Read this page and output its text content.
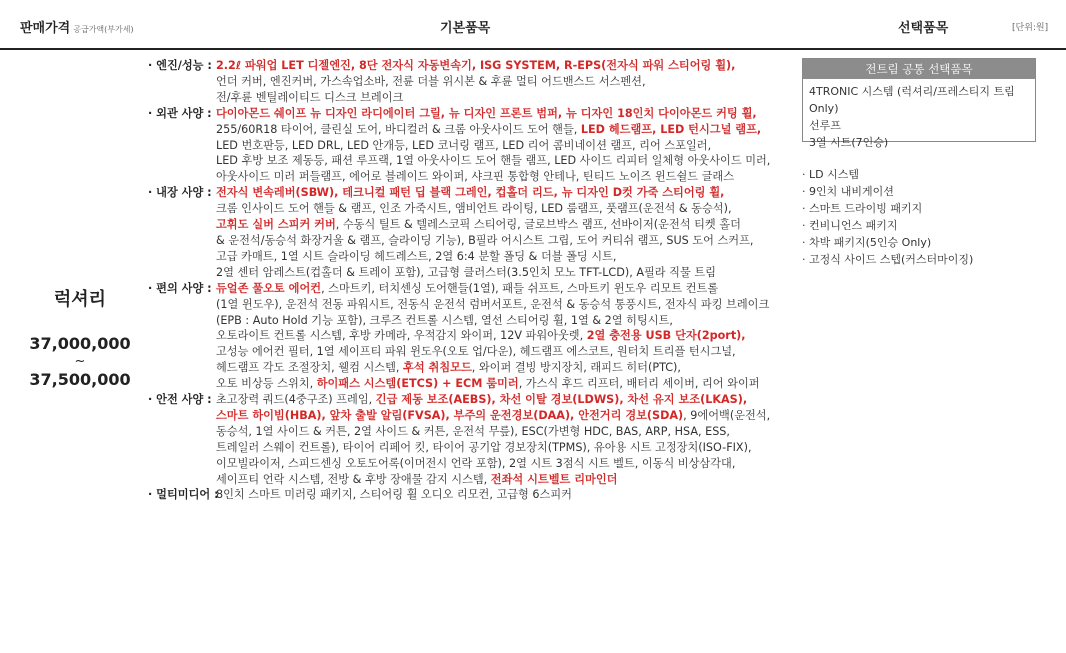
판매가격 공급가액(부가세)	기본품목	선택품목	[단위:원]
럭셔리
37,000,000
~
37,500,000
· 엔진/성능 : 2.2ℓ 파워업 LET 디젤엔진, 8단 전자식 자동변속기, ISG SYSTEM, R-EPS(전자식 파워 스티어링 휠),
언더 커버, 엔진커버, 가스속업소바, 전륜 더블 위시본 & 후륜 멀티 어드밴스드 서스펜션,
전/후륜 벤틸레이티드 디스크 브레이크
· 외관 사양 : 다이아몬드 쉐이프 뉴 디자인 라디에이터 그릴, 뉴 디자인 프론트 범퍼, 뉴 디자인 18인치 다이아몬드 커팅 휠,
255/60R18 타이어, 클린실 도어, 바디컬러 & 크롬 아웃사이드 도어 핸들, LED 헤드램프, LED 턴시그널 램프,
LED 번호판등, LED DRL, LED 안개등, LED 코너링 램프, LED 리어 콤비네이션 램프, 리어 스포일러,
LED 후방 보조 제동등, 패션 루프랙, 1열 아웃사이드 도어 핸들 램프, LED 사이드 리피터 일체형 아웃사이드 미러,
아웃사이드 미러 퍼들램프, 에어로 블레이드 와이퍼, 샤크핀 통합형 안테나, 틴티드 노이즈 윈드쉴드 글래스
· 내장 사양 : 전자식 변속레버(SBW), 테크니컬 패턴 딥 블랙 그레인, 컵홀더 리드, 뉴 디자인 D컷 가죽 스티어링 휠,
크롬 인사이드 도어 핸들 & 램프, 인조 가죽시트, 앰비언트 라이팅, LED 룸램프, 풋램프(운전석 & 동승석),
고휘도 실버 스피커 커버, 수동식 틸트 & 텔레스코픽 스티어링, 글로브박스 램프, 선바이저(운전석 티켓 홀더
& 운전석/동승석 화장거울 & 램프, 슬라이딩 기능), B필라 어시스트 그립, 도어 커티쉬 램프, SUS 도어 스커프,
고급 카매트, 1열 시트 슬라이딩 헤드레스트, 2열 6:4 분할 폴딩 & 더블 폴딩 시트,
2열 센터 암레스트(컵홀더 & 트레이 포함), 고급형 클러스터(3.5인치 모노 TFT-LCD), A필라 직물 트림
· 편의 사양 : 듀얼존 풀오토 에어컨, 스마트키, 터치센싱 도어핸들(1열), 패들 쉬프트, 스마트키 윈도우 리모트 컨트롤
(1열 윈도우), 운전석 전동 파워시트, 전동식 운전석 럼버서포트, 운전석 & 동승석 통풍시트, 전자식 파킹 브레이크
(EPB : Auto Hold 기능 포함), 크루즈 컨트롤 시스템, 열선 스티어링 휠, 1열 & 2열 히팅시트,
오토라이트 컨트롤 시스템, 후방 카메라, 우적감지 와이퍼, 12V 파워아웃렛, 2열 충전용 USB 단자(2port),
고성능 에어컨 필터, 1열 세이프티 파워 윈도우(오토 업/다운), 헤드램프 에스코트, 원터치 트리플 턴시그널,
헤드램프 각도 조절장치, 웰컴 시스템, 후석 취침모드, 와이퍼 결빙 방지장치, 래피드 히터(PTC),
오토 비상등 스위치, 하이패스 시스템(ETCS) + ECM 룸미러, 가스식 후드 리프터, 배터리 세이버, 리어 와이퍼
· 안전 사양 : 초고장력 쿼드(4중구조) 프레임, 긴급 제동 보조(AEBS), 차선 이탈 경보(LDWS), 차선 유지 보조(LKAS),
스마트 하이빔(HBA), 앞차 출발 알림(FVSA), 부주의 운전경보(DAA), 안전거리 경보(SDA), 9에어백(운전석,
동승석, 1열 사이드 & 커튼, 2열 사이드 & 커튼, 운전석 무릎), ESC(가변형 HDC, BAS, ARP, HSA, ESS,
트레일러 스웨이 컨트롤), 타이어 리페어 킷, 타이어 공기압 경보장치(TPMS), 유아용 시트 고정장치(ISO-FIX),
이모빌라이저, 스피드센싱 오토도어록(이머전시 언락 포함), 2열 시트 3점식 시트 벨트, 이동식 비상삼각대,
세이프티 언락 시스템, 전방 & 후방 장애물 감지 시스템, 전좌석 시트벨트 리마인더
· 멀티미디어 :
8인치 스마트 미러링 패키지, 스티어링 휠 오디오 리모컨, 고급형 6스피커
전트림 공통 선택품목
4TRONIC 시스템 (럭셔리/프레스티지 트림 Only)
선루프
3열 시트(7인승)
· LD 시스템
· 9인치 내비게이션
· 스마트 드라이빙 패키지
· 컨비니언스 패키지
· 차박 패키지(5인승 Only)
· 고정식 사이드 스텝(커스터마이징)
